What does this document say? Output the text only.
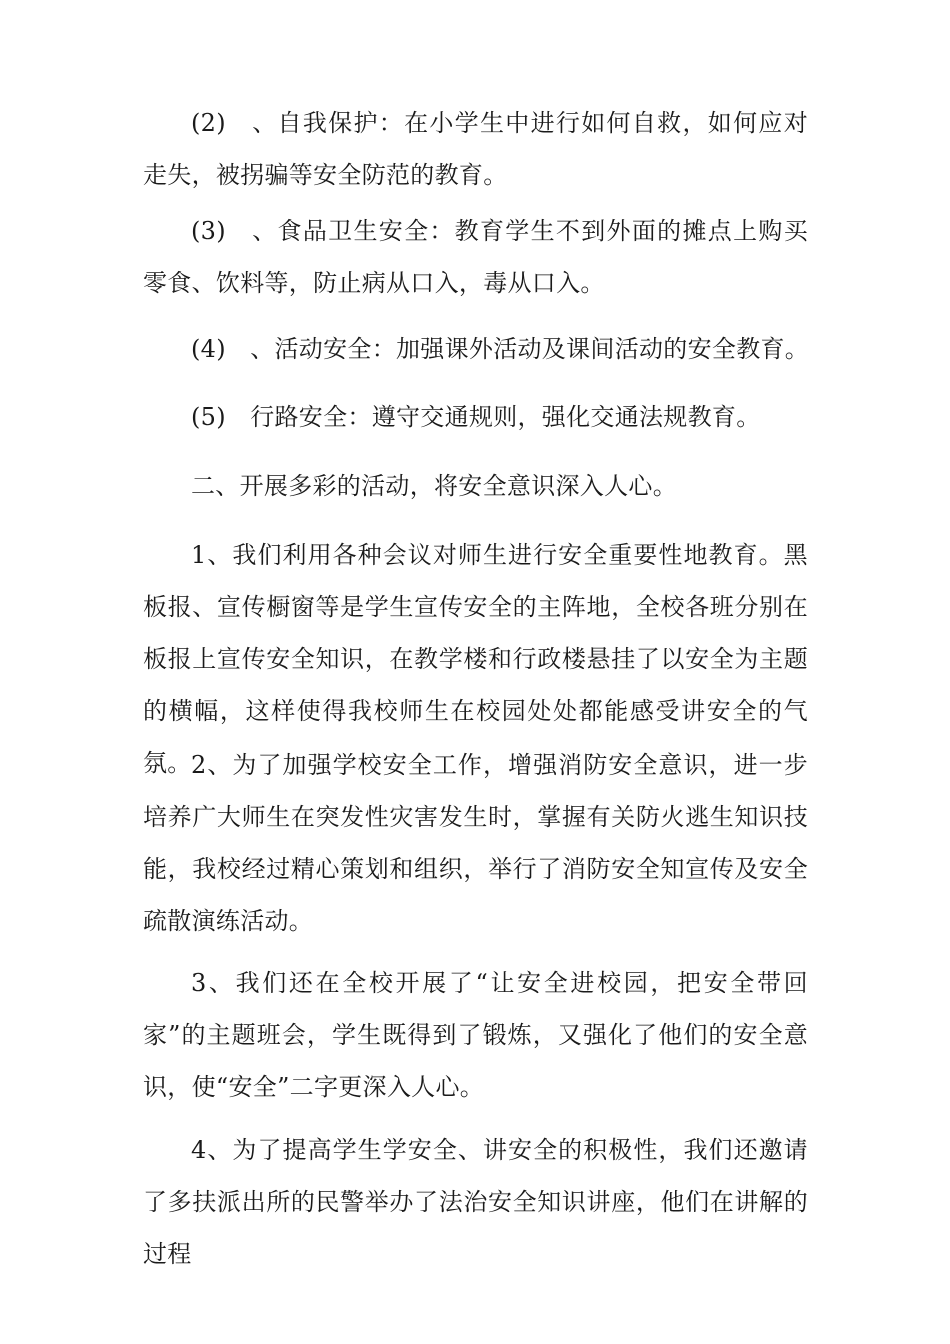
(2)　、自我保护：在小学生中进行如何自救，如何应对走失，被拐骗等安全防范的教育。

(3)　、食品卫生安全：教育学生不到外面的摊点上购买零食、饮料等，防止病从口入，毒从口入。

(4)　、活动安全：加强课外活动及课间活动的安全教育。

(5)　行路安全：遵守交通规则，强化交通法规教育。

二、开展多彩的活动，将安全意识深入人心。

1、我们利用各种会议对师生进行安全重要性地教育。黑板报、宣传橱窗等是学生宣传安全的主阵地，全校各班分别在板报上宣传安全知识，在教学楼和行政楼悬挂了以安全为主题的横幅，这样使得我校师生在校园处处都能感受讲安全的气氛。 2、为了加强学校安全工作，增强消防安全意识，进一步培养广大师生在突发性灾害发生时，掌握有关防火逃生知识技能，我校经过精心策划和组织，举行了消防安全知宣传及安全疏散演练活动。

3、我们还在全校开展了“让安全进校园，把安全带回家”的主题班会，学生既得到了锻炼，又强化了他们的安全意识，使“安全”二字更深入人心。

4、为了提高学生学安全、讲安全的积极性，我们还邀请了多扶派出所的民警举办了法治安全知识讲座，他们在讲解的过程
